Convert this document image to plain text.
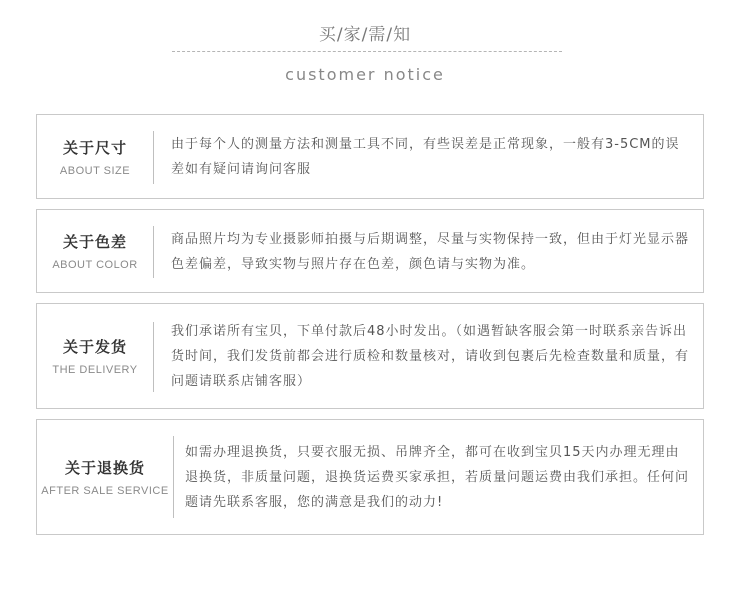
买/家/需/知
customer notice
关于尺寸
ABOUT SIZE
由于每个人的测量方法和测量工具不同，有些误差是正常现象，一般有3-5CM的误差如有疑问请询问客服
关于色差
ABOUT COLOR
商品照片均为专业摄影师拍摄与后期调整，尽量与实物保持一致，但由于灯光显示器色差偏差，导致实物与照片存在色差，颜色请与实物为准。
关于发货
THE DELIVERY
我们承诺所有宝贝，下单付款后48小时发出。（如遇暂缺客服会第一时联系亲告诉出货时间，我们发货前都会进行质检和数量核对，请收到包裹后先检查数量和质量，有问题请联系店铺客服）
关于退换货
AFTER SALE SERVICE
如需办理退换货，只要衣服无损、吊牌齐全，都可在收到宝贝15天内办理无理由退换货，非质量问题，退换货运费买家承担，若质量问题运费由我们承担。任何问题请先联系客服，您的满意是我们的动力!
